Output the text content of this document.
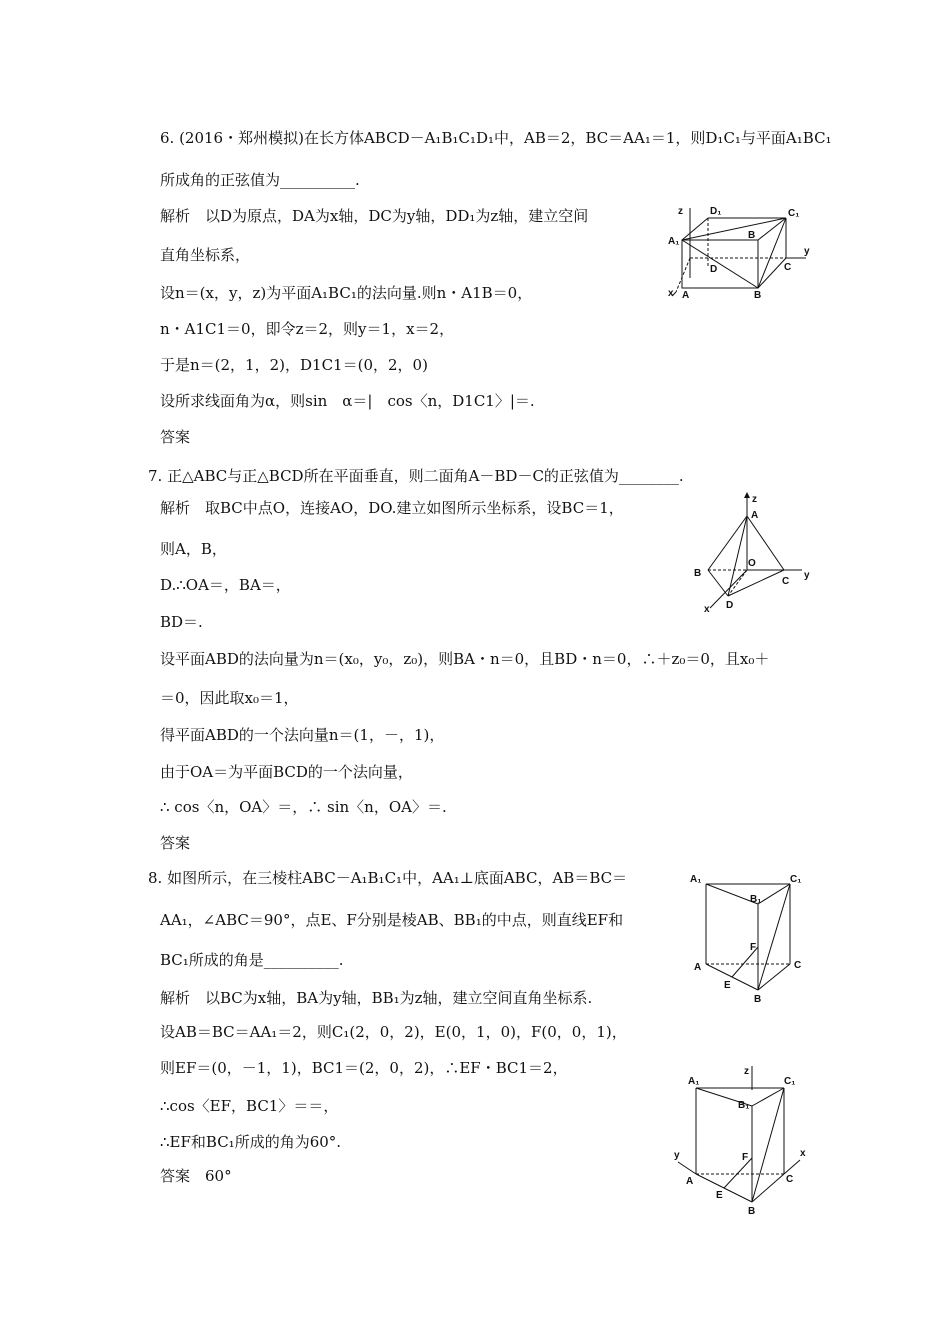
6. (2016・郑州模拟)在长方体ABCD－A₁B₁C₁D₁中，AB＝2，BC＝AA₁＝1，则D₁C₁与平面A₁BC₁
所成角的正弦值为__________.
解析　以D为原点，DA为x轴，DC为y轴，DD₁为z轴，建立空间
直角坐标系，
设n＝(x，y，z)为平面A₁BC₁的法向量.则n・A1B＝0，
n・A1C1＝0，即令z＝2，则y＝1，x＝2，
于是n＝(2，1，2)，D1C1＝(0，2，0)
设所求线面角为α，则sin　α＝|　cos〈n，D1C1〉|＝.
答案
z	D₁	C₁
A₁
B
D	C
y
x A	B
7. 正△ABC与正△BCD所在平面垂直，则二面角A－BD－C的正弦值为________.
解析　取BC中点O，连接AO，DO.建立如图所示坐标系，设BC＝1，
则A，B，
D.∴OA＝，BA＝，
BD＝.
设平面ABD的法向量为n＝(x₀，y₀，z₀)，则BA・n＝0，且BD・n＝0，∴＋z₀＝0，且x₀＋
＝0，因此取x₀＝1，
得平面ABD的一个法向量n＝(1，－，1)，
由于OA＝为平面BCD的一个法向量，
∴ cos〈n，OA〉＝，∴ sin〈n，OA〉＝.
答案
z
A
O
B
C
y
x D
8. 如图所示，在三棱柱ABC－A₁B₁C₁中，AA₁⊥底面ABC，AB＝BC＝
AA₁，∠ABC＝90°，点E、F分别是棱AB、BB₁的中点，则直线EF和
BC₁所成的角是__________.
解析　以BC为x轴，BA为y轴，BB₁为z轴，建立空间直角坐标系.
设AB＝BC＝AA₁＝2，则C₁(2，0，2)，E(0，1，0)，F(0，0，1)，
则EF＝(0，－1，1)，BC1＝(2，0，2)，∴EF・BC1＝2，
∴cos〈EF，BC1〉＝＝，
∴EF和BC₁所成的角为60°.
答案　60°
A₁	C₁
B₁
F
A	C
E
B
z
A₁	C₁
B₁
F
y	x
A
E
C
B
